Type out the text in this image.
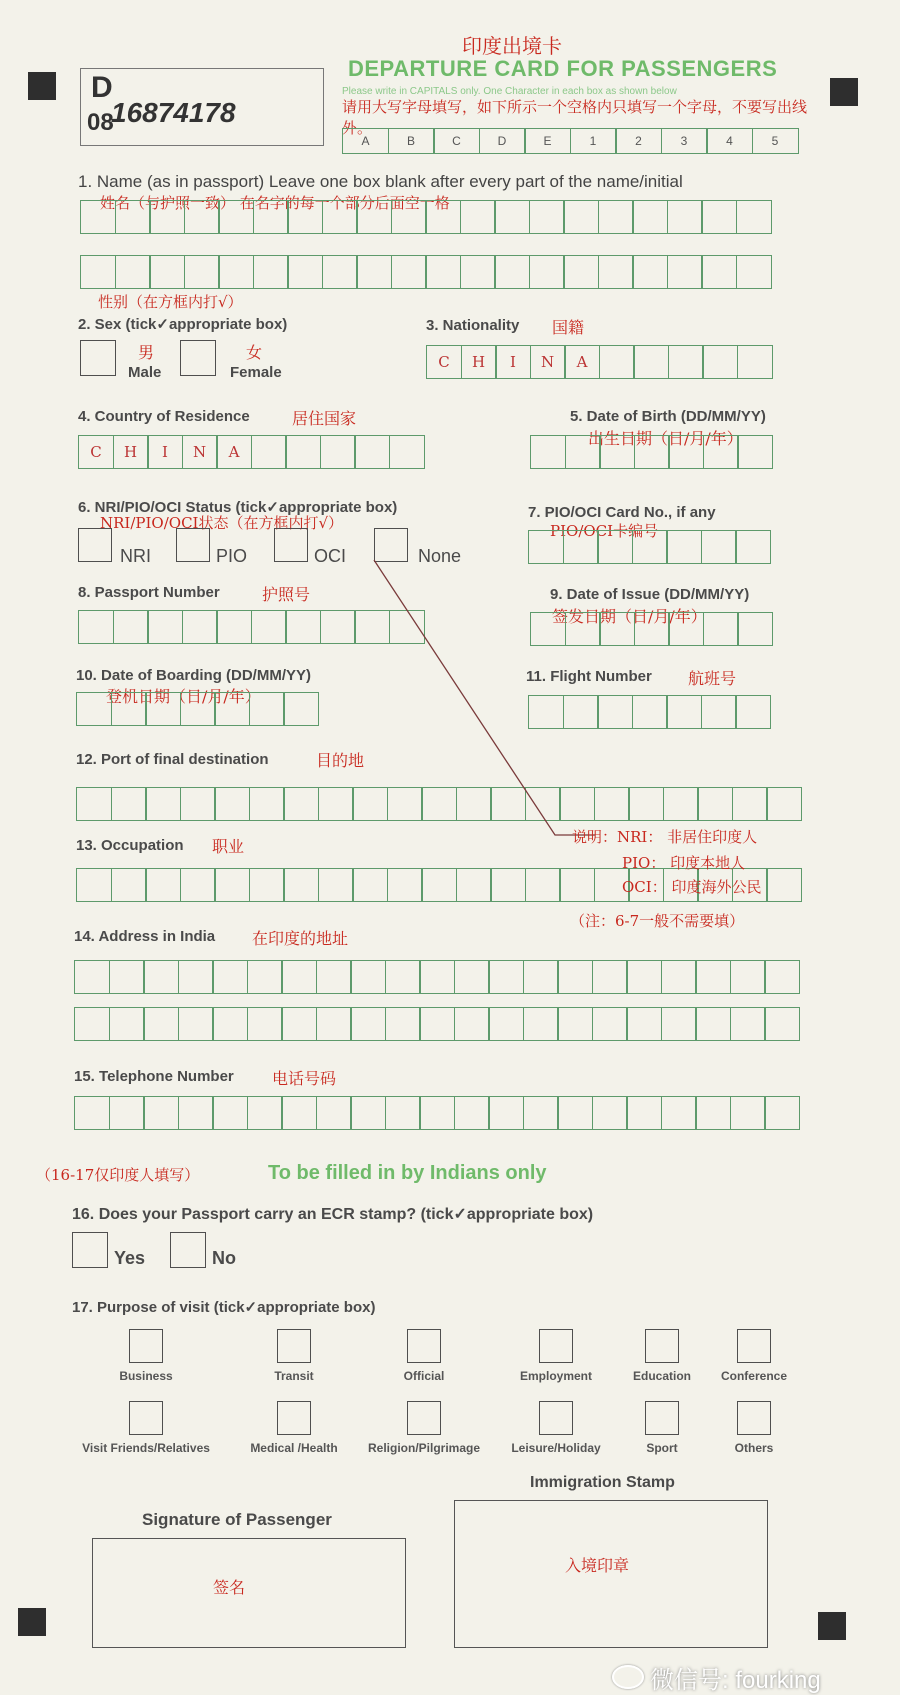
印度出境卡
DEPARTURE CARD FOR PASSENGERS
D
08
16874178
Please write in CAPITALS only. One Character in each box as shown below
请用大写字母填写，如下所示一个空格内只填写一个字母，不要写出线外。
A	B	C	D	E	1	2	3	4	5
1. Name (as in passport) Leave one box blank after every part of the name/initial
姓名（与护照一致） 在名字的每一个部分后面空一格
性别（在方框内打√）
2. Sex (tick✓appropriate box)
男
Male
女
Female
3. Nationality 国籍
C	H	I	N	A
4. Country of Residence	居住国家
C	H	I	N	A
5. Date of Birth (DD/MM/YY)
出生日期（日/月/年）
6. NRI/PIO/OCI Status (tick✓appropriate box)
NRI/PIO/OCI状态（在方框内打√）
NRI	PIO	OCI	None
7. PIO/OCI Card No., if any
PIO/OCI卡编号
8. Passport Number	护照号	9. Date of Issue (DD/MM/YY)
签发日期（日/月/年）
10. Date of Boarding (DD/MM/YY)
登机日期（日/月/年）
11. Flight Number 航班号
12. Port of final destination	目的地
13. Occupation 职业	说明：NRI： 非居住印度人
PIO： 印度本地人
OCI： 印度海外公民
（注：6-7一般不需要填）
14. Address in India 在印度的地址
15. Telephone Number 电话号码
（16-17仅印度人填写）	To be filled in by Indians only
16. Does your Passport carry an ECR stamp? (tick✓appropriate box)
Yes	No
17. Purpose of visit (tick✓appropriate box)
Business	Transit	Official	Employment	Education	Conference
Visit Friends/Relatives	Medical /Health	Religion/Pilgrimage	Leisure/Holiday	Sport	Others
Immigration Stamp
入境印章
Signature of Passenger
签名
微信号: fourking
